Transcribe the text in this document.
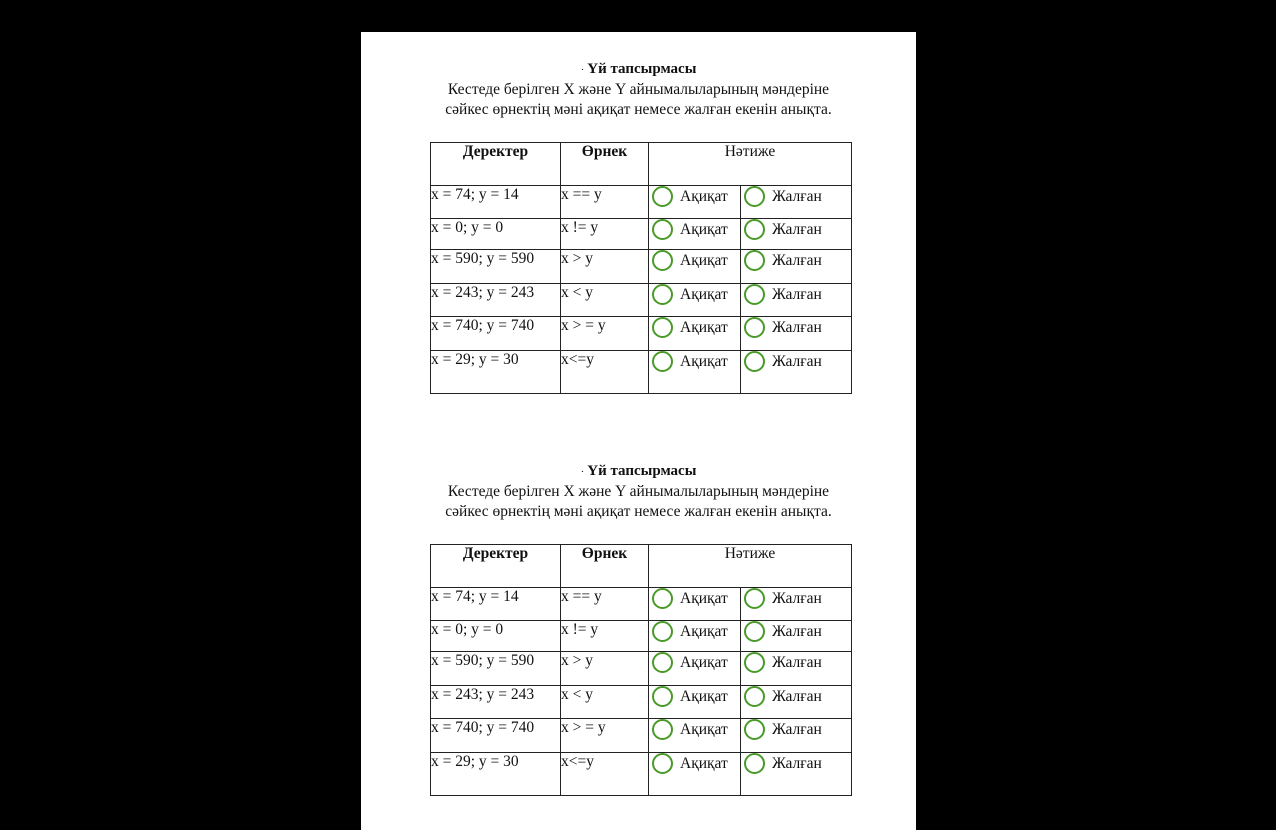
· Үй тапсырмасы
Кестеде берілген X және Y айнымалыларының мәндеріне
сәйкес өрнектің мәні ақиқат немесе жалған екенін анықта.
Деректер	Өрнек	Нәтиже	
x = 74; y = 14	x == y	Ақиқат	Жалған

x = 0; y = 0	x != y	Ақиқат	Жалған

x = 590; y = 590	x > y	Ақиқат	Жалған

x = 243; y = 243	x < y	Ақиқат	Жалған

x = 740; y = 740	x > = y	Ақиқат	Жалған

x = 29; y = 30	x<=y	Ақиқат	Жалған
· Үй тапсырмасы
Кестеде берілген X және Y айнымалыларының мәндеріне
сәйкес өрнектің мәні ақиқат немесе жалған екенін анықта.
Деректер	Өрнек	Нәтиже	
x = 74; y = 14	x == y	Ақиқат	Жалған

x = 0; y = 0	x != y	Ақиқат	Жалған

x = 590; y = 590	x > y	Ақиқат	Жалған

x = 243; y = 243	x < y	Ақиқат	Жалған

x = 740; y = 740	x > = y	Ақиқат	Жалған

x = 29; y = 30	x<=y	Ақиқат	Жалған
